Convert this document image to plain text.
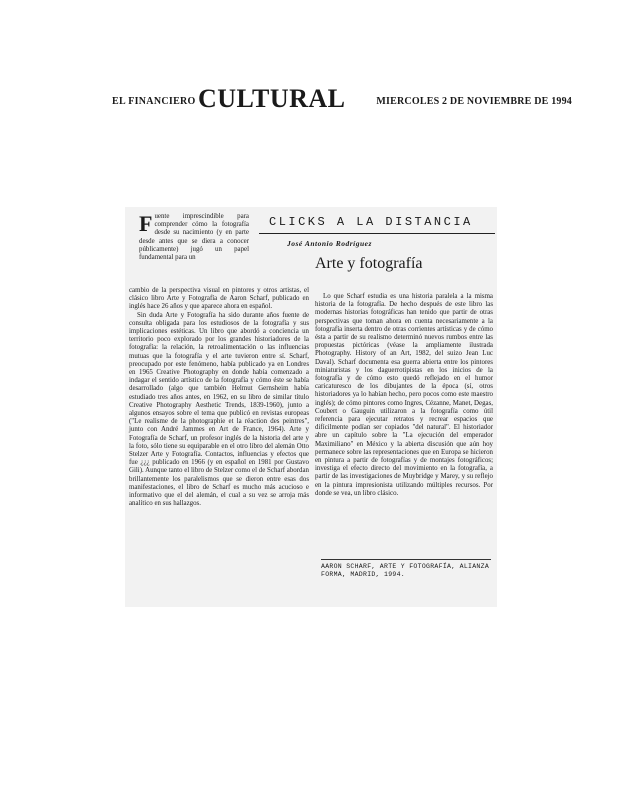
EL FINANCIERO CULTURAL	MIERCOLES 2 DE NOVIEMBRE DE 1994

Fuente imprescindible para comprender cómo la fotografía desde su nacimiento (y en parte desde antes que se diera a conocer públicamente) jugó un papel fundamental para un

CLICKS A LA DISTANCIA
José Antonio Rodríguez
Arte y fotografía

cambio de la perspectiva visual en pintores y otros artistas, el clásico libro Arte y Fotografía de Aaron Scharf, publicado en inglés hace 26 años y que aparece ahora en español.

Sin duda Arte y Fotografía ha sido durante años fuente de consulta obligada para los estudiosos de la fotografía y sus implicaciones estéticas. Un libro que abordó a conciencia un territorio poco explorado por los grandes historiadores de la fotografía: la relación, la retroalimentación o las influencias mutuas que la fotografía y el arte tuvieron entre sí. Scharf, preocupado por este fenómeno, había publicado ya en Londres en 1965 Creative Photography en donde había comenzado a indagar el sentido artístico de la fotografía y cómo éste se había desarrollado (algo que también Helmut Gernsheim había estudiado tres años antes, en 1962, en su libro de similar título Creative Photography Aesthetic Trends, 1839-1960), junto a algunos ensayos sobre el tema que publicó en revistas europeas ("Le realisme de la photographie et la réaction des peintres", junto con André Jammes en Art de France, 1964). Arte y Fotografía de Scharf, un profesor inglés de la historia del arte y la foto, sólo tiene su equiparable en el otro libro del alemán Otto Stelzer Arte y Fotografía. Contactos, influencias y efectos que fue ¿¿¿ publicado en 1966 (y en español en 1981 por Gustavo Gili). Aunque tanto el libro de Stelzer como el de Scharf abordan brillantemente los paralelismos que se dieron entre esas dos manifestaciones, el libro de Scharf es mucho más acucioso e informativo que el del alemán, el cual a su vez se arroja más analítico en sus hallazgos.

Lo que Scharf estudia es una historia paralela a la misma historia de la fotografía. De hecho después de este libro las modernas historias fotográficas han tenido que partir de otras perspectivas que toman ahora en cuenta necesariamente a la fotografía inserta dentro de otras corrientes artísticas y de cómo ésta a partir de su realismo determinó nuevos rumbos entre las propuestas pictóricas (véase la ampliamente ilustrada Photography. History of an Art, 1982, del suizo Jean Luc Daval). Scharf documenta esa guerra abierta entre los pintores miniaturistas y los daguerrotipistas en los inicios de la fotografía y de cómo esto quedó reflejado en el humor caricaturesco de los dibujantes de la época (sí, otros historiadores ya lo habían hecho, pero pocos como este maestro inglés); de cómo pintores como Ingres, Cézanne, Manet, Degas, Coubert o Gauguin utilizaron a la fotografía como útil referencia para ejecutar retratos y recrear espacios que difícilmente podían ser copiados "del natural". El historiador abre un capítulo sobre la "La ejecución del emperador Maximiliano" en México y la abierta discusión que aún hoy permanece sobre las representaciones que en Europa se hicieron en pintura a partir de fotografías y de montajes fotográficos; investiga el efecto directo del movimiento en la fotografía, a partir de las investigaciones de Muybridge y Marey, y su reflejo en la pintura impresionista utilizando múltiples recursos. Por donde se vea, un libro clásico.

AARON SCHARF, ARTE Y FOTOGRAFÍA, ALIANZA FORMA, MADRID, 1994.
